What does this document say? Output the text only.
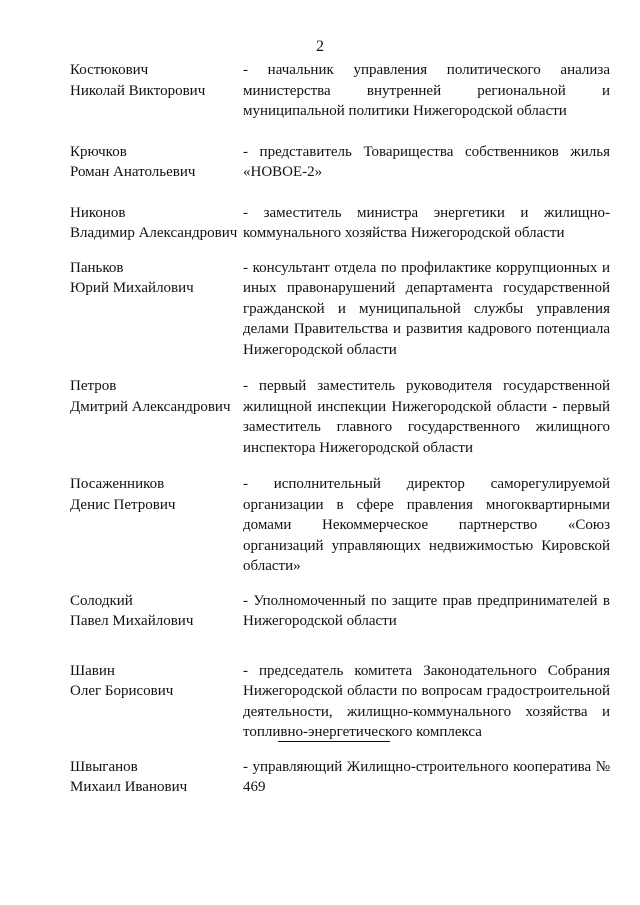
2
Костюкович
Николай Викторович
- начальник управления политического анализа министерства внутренней региональной и муниципальной политики Нижегородской области
Крючков
Роман Анатольевич
- представитель Товарищества собственников жилья «НОВОЕ-2»
Никонов
Владимир Александрович
- заместитель министра энергетики и жилищно-коммунального хозяйства Нижегородской области
Паньков
Юрий Михайлович
- консультант отдела по профилактике коррупционных и иных правонарушений департамента государственной гражданской и муниципальной службы управления делами Правительства и развития кадрового потенциала Нижегородской области
Петров
Дмитрий Александрович
- первый заместитель руководителя государственной жилищной инспекции Нижегородской области - первый заместитель главного государственного жилищного инспектора Нижегородской области
Посаженников
Денис Петрович
- исполнительный директор саморегулируемой организации в сфере правления многоквартирными домами Некоммерческое партнерство «Союз организаций управляющих недвижимостью Кировской области»
Солодкий
Павел Михайлович
- Уполномоченный по защите прав предпринимателей в Нижегородской области
Шавин
Олег Борисович
- председатель комитета Законодательного Собрания Нижегородской области по вопросам градостроительной деятельности, жилищно-коммунального хозяйства и топливно-энергетического комплекса
Швыганов
Михаил Иванович
- управляющий Жилищно-строительного кооператива № 469
